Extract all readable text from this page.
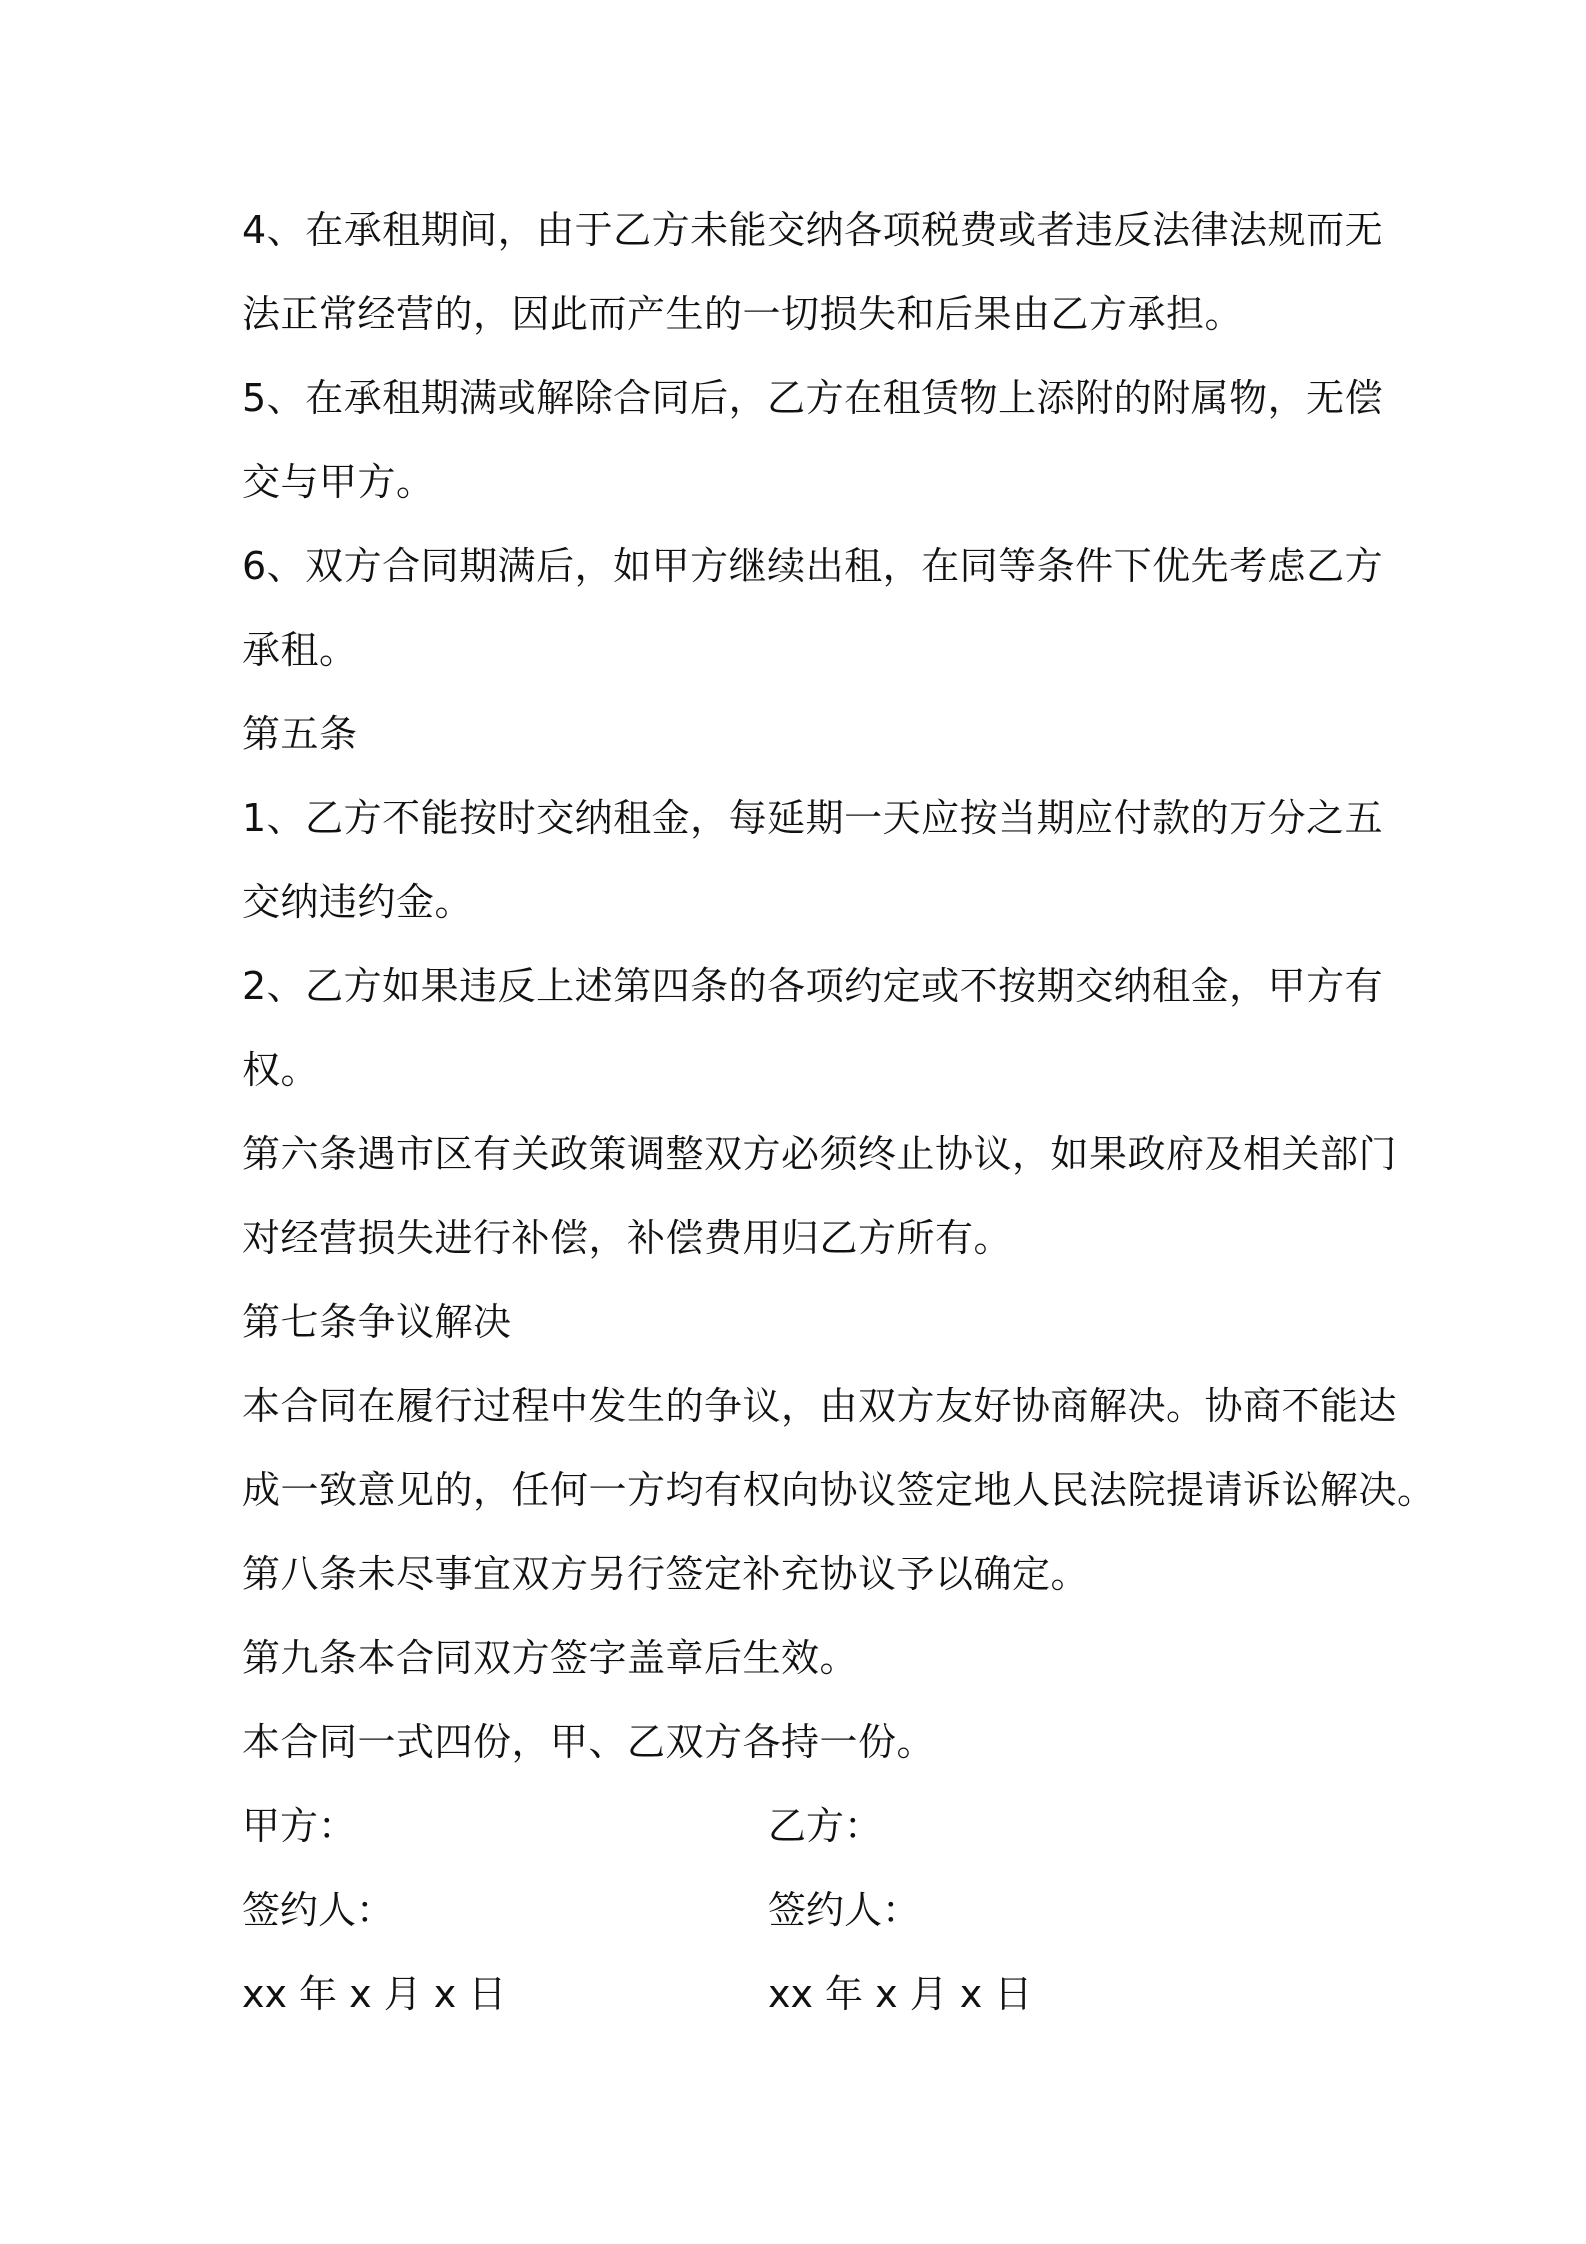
4、在承租期间，由于乙方未能交纳各项税费或者违反法律法规而无
法正常经营的，因此而产生的一切损失和后果由乙方承担。
5、在承租期满或解除合同后，乙方在租赁物上添附的附属物，无偿
交与甲方。
6、双方合同期满后，如甲方继续出租，在同等条件下优先考虑乙方
承租。
第五条
1、乙方不能按时交纳租金，每延期一天应按当期应付款的万分之五
交纳违约金。
2、乙方如果违反上述第四条的各项约定或不按期交纳租金，甲方有
权。
第六条遇市区有关政策调整双方必须终止协议，如果政府及相关部门
对经营损失进行补偿，补偿费用归乙方所有。
第七条争议解决
本合同在履行过程中发生的争议，由双方友好协商解决。协商不能达
成一致意见的，任何一方均有权向协议签定地人民法院提请诉讼解决。
第八条未尽事宜双方另行签定补充协议予以确定。
第九条本合同双方签字盖章后生效。
本合同一式四份，甲、乙双方各持一份。
甲方：	乙方：
签约人：	签约人：
xx 年 x 月 x 日	xx 年 x 月 x 日
